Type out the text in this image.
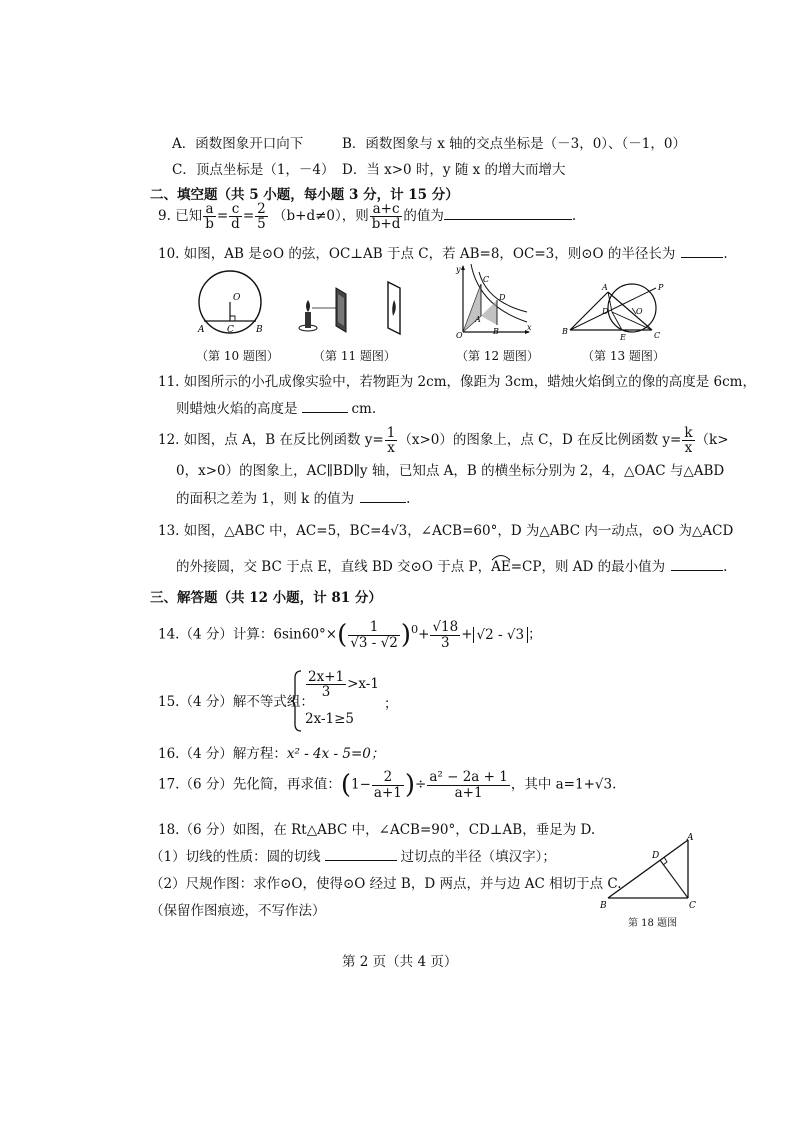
A．函数图象开口向下	B．函数图象与 x 轴的交点坐标是（－3，0）、（－1，0）
C．顶点坐标是（1，－4） D．当 x>0 时，y 随 x 的增大而增大
二、填空题（共 5 小题，每小题 3 分，计 15 分）
9. 已知 $\frac{a}{b} = \frac{c}{d} = \frac{2}{5} (b+d\ne 0)$，则 $\frac{a+c}{b+d}$ 的值为	.
10. 如图，AB 是⊙O 的弦，OC⊥AB 于点 C，若 AB=8，OC=3，则⊙O 的半径长为	.
A	C B
O
y
x
O
C
D
A
B	B
A
C
D
E
P
O
（第 10 题图）	（第 11 题图）	（第 12 题图）	（第 13 题图）
11. 如图所示的小孔成像实验中，若物距为 2cm，像距为 3cm，蜡烛火焰倒立的像的高度是 6cm，
则蜡烛火焰的高度是	cm.
12. 如图，点 A，B 在反比例函数 $y= \frac{1}{x} (x>0)$的图象上，点 C，D 在反比例函数 $y= \frac{k}{x} (k>$
0，x>0）的图象上，AC∥BD∥y 轴，已知点 A，B 的横坐标分别为 2，4，△OAC 与△ABD
的面积之差为 1，则 k 的值为	.
13. 如图，△ABC 中，AC=5，BC=4√3，∠ACB=60°，D 为△ABC 内一动点，⊙O 为△ACD
的外接圆，交 BC 于点 E，直线 BD 交⊙O 于点 P，AE
=CP，则 AD 的最小值为	.
三、解答题（共 12 小题，计 81 分）
14.（4 分）计算：$6\sin 60^\circ\times( \frac{1}{√3 - √2} )^0+ \frac{√18}{3} + √2 - √3$ ；
15.（4 分）解不等式组：
$\frac{2x+1}{3} >x-1$
2x-1≥5
；
16.（4 分）解方程：x² - 4x - 5=0；
17.（6 分）先化简，再求值：($1- \frac{2}{a+1}$ )÷ $\frac{\text{a² − 2a + 1}}{a+1}$ ，其中 a=1+√3.
18.（6 分）如图，在 Rt△ABC 中，∠ACB=90°，CD⊥AB，垂足为 D.
（1）切线的性质：圆的切线	过切点的半径（填汉字）；
（2）尺规作图：求作⊙O，使得⊙O 经过 B，D 两点，并与边 AC 相切于点 C.
（保留作图痕迹，不写作法）	B	C
A
D
第 18 题图
第 2 页（共 4 页）
